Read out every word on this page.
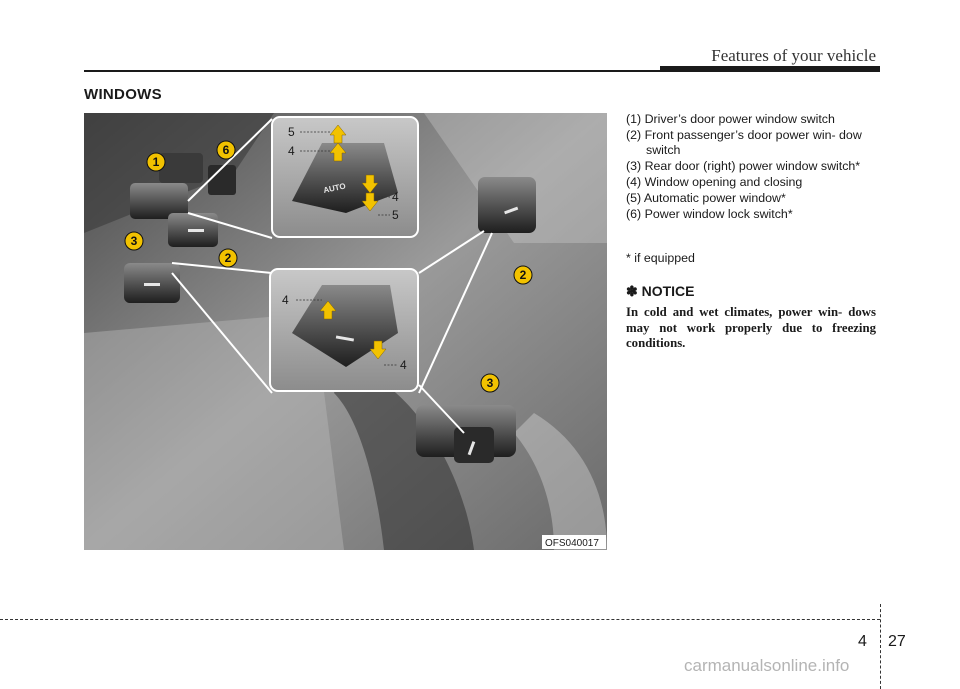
Features of your vehicle
WINDOWS
AUTO
5
4
4
5
4
4
1
6
3
2
2
3
OFS040017
(1) Driver’s door power window switch
(2) Front passenger’s door power win- dow switch
(3) Rear door (right) power window switch*
(4) Window opening and closing
(5) Automatic power window*
(6) Power window lock switch*
* if equipped
✽ NOTICE

In cold and wet climates, power win- dows may not work properly due to freezing conditions.

4 27
carmanualsonline.info
